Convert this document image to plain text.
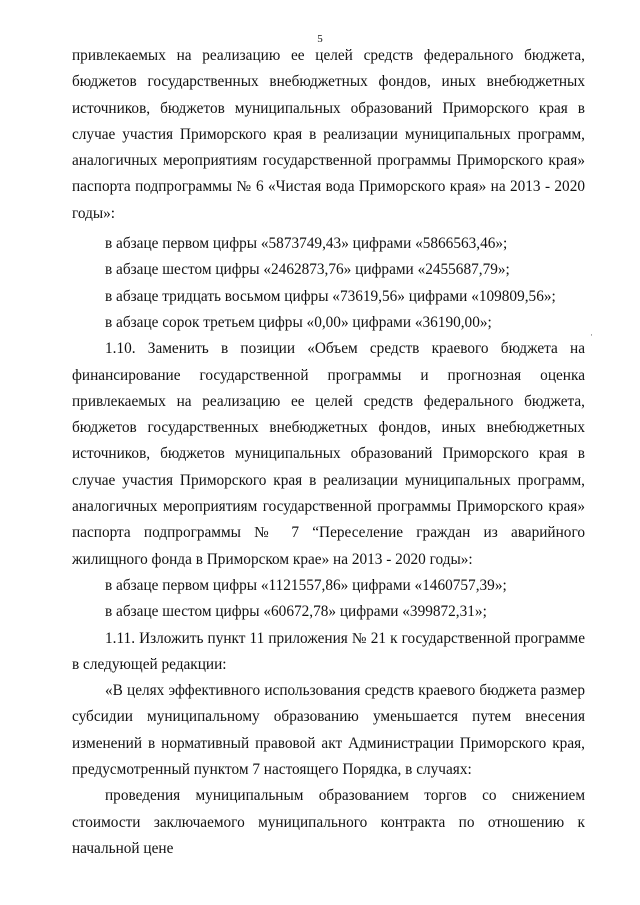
5

привлекаемых на реализацию ее целей средств федерального бюджета, бюджетов государственных внебюджетных фондов, иных внебюджетных источников, бюджетов муниципальных образований Приморского края в случае участия Приморского края в реализации муниципальных программ, аналогичных мероприятиям государственной программы Приморского края» паспорта подпрограммы № 6 «Чистая вода Приморского края» на 2013 - 2020 годы»:

в абзаце первом цифры «5873749,43» цифрами «5866563,46»;

в абзаце шестом цифры «2462873,76» цифрами «2455687,79»;

в абзаце тридцать восьмом цифры «73619,56» цифрами «109809,56»;

в абзаце сорок третьем цифры «0,00» цифрами «36190,00»;

1.10. Заменить в позиции «Объем средств краевого бюджета на финансирование государственной программы и прогнозная оценка привлекаемых на реализацию ее целей средств федерального бюджета, бюджетов государственных внебюджетных фондов, иных внебюджетных источников, бюджетов муниципальных образований Приморского края в случае участия Приморского края в реализации муниципальных программ, аналогичных мероприятиям государственной программы Приморского края» паспорта подпрограммы № 7 “Переселение граждан из аварийного жилищного фонда в Приморском крае» на 2013 - 2020 годы»:

в абзаце первом цифры «1121557,86» цифрами «1460757,39»;

в абзаце шестом цифры «60672,78» цифрами «399872,31»;

1.11. Изложить пункт 11 приложения № 21 к государственной программе в следующей редакции:

«В целях эффективного использования средств краевого бюджета размер субсидии муниципальному образованию уменьшается путем внесения изменений в нормативный правовой акт Администрации Приморского края, предусмотренный пунктом 7 настоящего Порядка, в случаях:

проведения муниципальным образованием торгов со снижением стоимости заключаемого муниципального контракта по отношению к начальной цене

·
